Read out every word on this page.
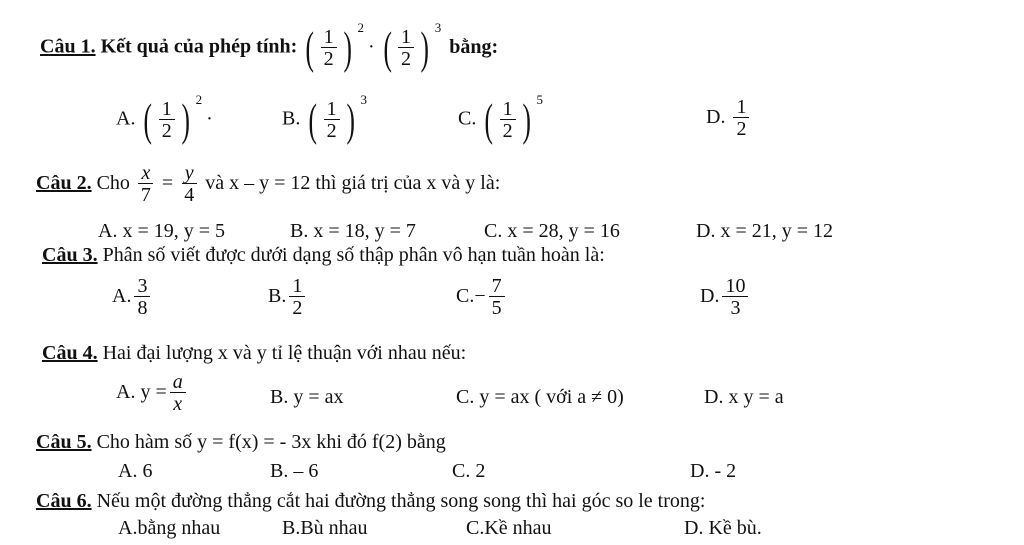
Câu 1. Kết quả của phép tính: ( $\frac{1}{2}$ ) 2
· ( $\frac{1}{2}$ ) 3
bằng:
A. ( $\frac{1}{2}$ ) 2
·	B. ( $\frac{1}{2}$ ) 3
C. ( $\frac{1}{2}$ ) 5
D. $\frac{1}{2}$
Câu 2. Cho $\frac{x}{7} = \frac{y}{4}$ và x – y = 12 thì giá trị của x và y là:
A. x = 19, y = 5	B. x = 18, y = 7	C. x = 28, y = 16	D. x = 21, y = 12
Câu 3. Phân số viết được dưới dạng số thập phân vô hạn tuần hoàn là:
A. $\frac{3}{8}$	B. $\frac{1}{2}$	$C.- \frac{7}{5}$	D. $\frac{10}{3}$
Câu 4. Hai đại lượng x và y tỉ lệ thuận với nhau nếu:
A. $y = \frac{a}{x}$	B. y = ax	C. y = ax ( với a ≠ 0)	D. x y = a
Câu 5. Cho hàm số y = f(x) = - 3x khi đó f(2) bằng
A. 6	B. – 6	C. 2	D. - 2
Câu 6. Nếu một đường thẳng cắt hai đường thẳng song song thì hai góc so le trong:
A.bằng nhau	B.Bù nhau	C.Kề nhau	D. Kề bù.
